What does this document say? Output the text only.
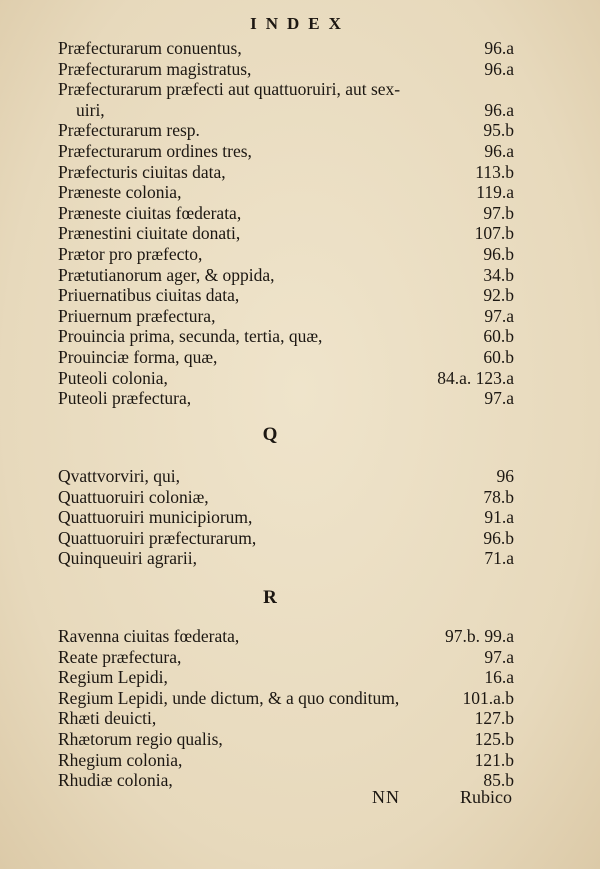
INDEX
Præfecturarum conuentus,	96.a
Præfecturarum magistratus,	96.a
Præfecturarum præfecti aut quattuoruiri, aut sex-
uiri,	96.a
Præfecturarum resp.	95.b
Præfecturarum ordines tres,	96.a
Præfecturis ciuitas data,	113.b
Præneste colonia,	119.a
Præneste ciuitas fœderata,	97.b
Prænestini ciuitate donati,	107.b
Prætor pro præfecto,	96.b
Prætutianorum ager, & oppida,	34.b
Priuernatibus ciuitas data,	92.b
Priuernum præfectura,	97.a
Prouincia prima, secunda, tertia, quæ,	60.b
Prouinciæ forma, quæ,	60.b
Puteoli colonia,	84.a. 123.a
Puteoli præfectura,	97.a
Q
Qvattvorviri, qui,	96
Quattuoruiri coloniæ,	78.b
Quattuoruiri municipiorum,	91.a
Quattuoruiri præfecturarum,	96.b
Quinqueuiri agrarii,	71.a
R
Ravenna ciuitas fœderata,	97.b. 99.a
Reate præfectura,	97.a
Regium Lepidi,	16.a
Regium Lepidi, unde dictum, & a quo conditum,	101.a.b
Rhæti deuicti,	127.b
Rhætorum regio qualis,	125.b
Rhegium colonia,	121.b
Rhudiæ colonia,	85.b
NN	Rubico
